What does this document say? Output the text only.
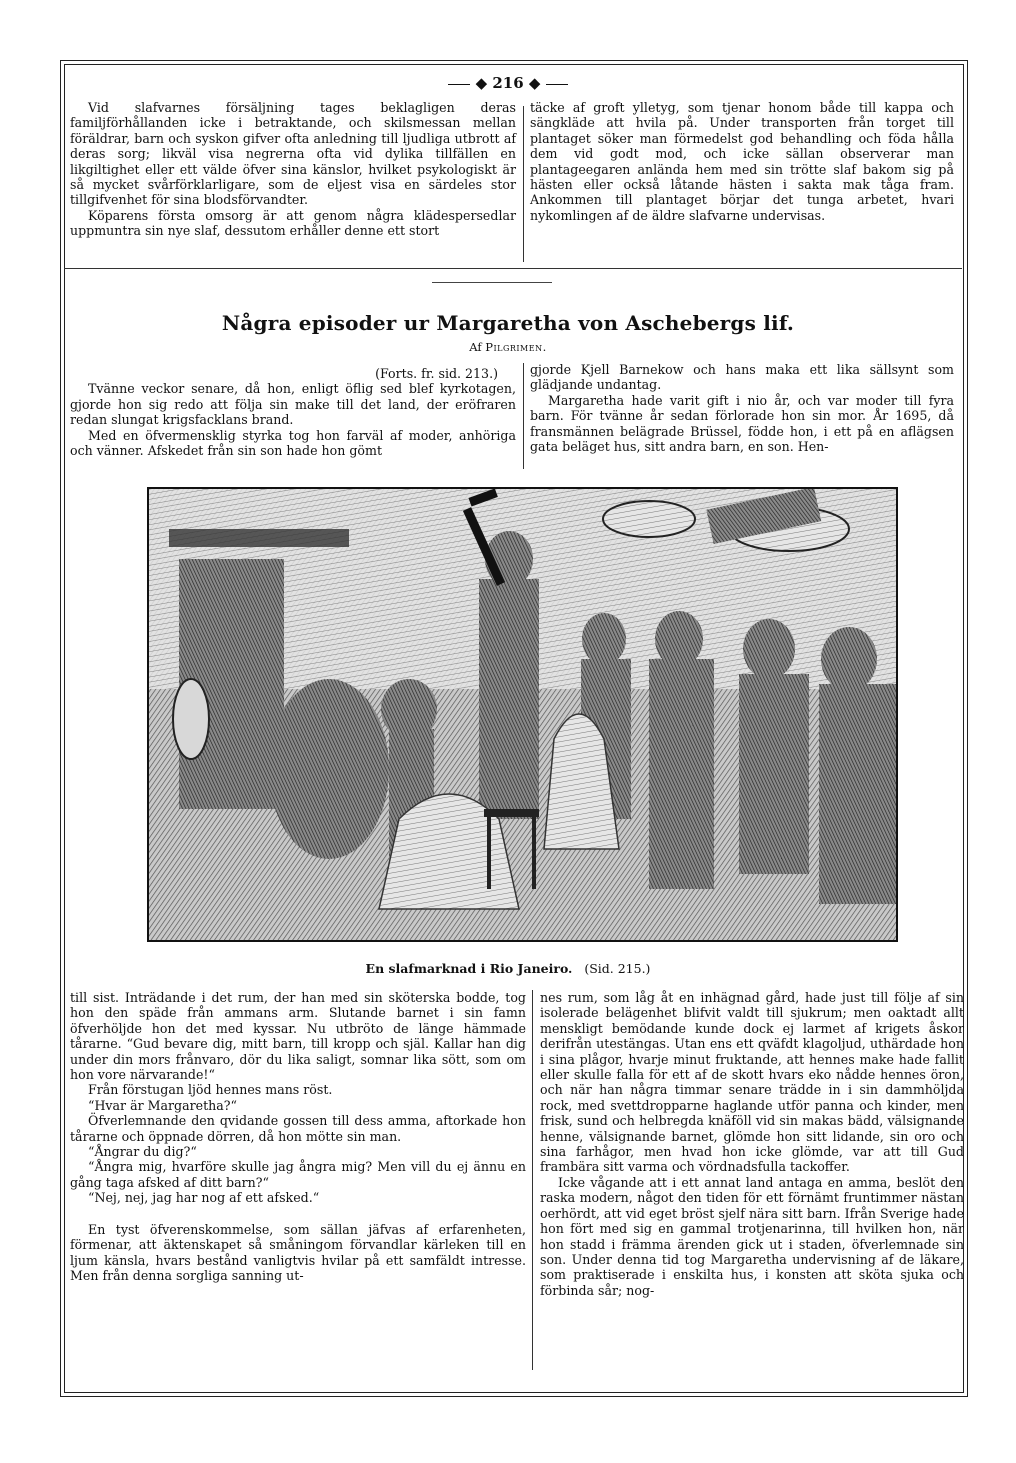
◆ 216 ◆

Vid slafvarnes försäljning tages beklagligen deras familjförhållanden icke i betraktande, och skilsmessan mellan föräldrar, barn och syskon gifver ofta anledning till ljudliga utbrott af deras sorg; likväl visa negrerna ofta vid dylika tillfällen en likgiltighet eller ett välde öfver sina känslor, hvilket psykologiskt är så mycket svårförklarligare, som de eljest visa en särdeles stor tillgifvenhet för sina blodsförvandter.

Köparens första omsorg är att genom några klädespersedlar uppmuntra sin nye slaf, dessutom erhåller denne ett stort

täcke af groft ylletyg, som tjenar honom både till kappa och sängkläde att hvila på. Under transporten från torget till plantaget söker man förmedelst god behandling och föda hålla dem vid godt mod, och icke sällan observerar man plantageegaren anlända hem med sin trötte slaf bakom sig på hästen eller också låtande hästen i sakta mak tåga fram. Ankommen till plantaget börjar det tunga arbetet, hvari nykomlingen af de äldre slafvarne undervisas.

Några episoder ur Margaretha von Aschebergs lif.
Af Pilgrimen.

(Forts. fr. sid. 213.)

Tvänne veckor senare, då hon, enligt öflig sed blef kyrkotagen, gjorde hon sig redo att följa sin make till det land, der eröfraren redan slungat krigsfacklans brand.

Med en öfvermensklig styrka tog hon farväl af moder, anhöriga och vänner. Afskedet från sin son hade hon gömt

gjorde Kjell Barnekow och hans maka ett lika sällsynt som glädjande undantag.

Margaretha hade varit gift i nio år, och var moder till fyra barn. För tvänne år sedan förlorade hon sin mor. År 1695, då fransmännen belägrade Brüssel, födde hon, i ett på en aflägsen gata beläget hus, sitt andra barn, en son. Hen-

En slafmarknad i Rio Janeiro. (Sid. 215.)

till sist. Inträdande i det rum, der han med sin sköterska bodde, tog hon den späde från ammans arm. Slutande barnet i sin famn öfverhöljde hon det med kyssar. Nu utbröto de länge hämmade tårarne. “Gud bevare dig, mitt barn, till kropp och själ. Kallar han dig under din mors frånvaro, dör du lika saligt, somnar lika sött, som om hon vore närvarande!“

Från förstugan ljöd hennes mans röst.

“Hvar är Margaretha?“

Öfverlemnande den qvidande gossen till dess amma, aftorkade hon tårarne och öppnade dörren, då hon mötte sin man.

“Ångrar du dig?“

“Ångra mig, hvarföre skulle jag ångra mig? Men vill du ej ännu en gång taga afsked af ditt barn?“

“Nej, nej, jag har nog af ett afsked.“

En tyst öfverenskommelse, som sällan jäfvas af erfarenheten, förmenar, att äktenskapet så småningom förvandlar kärleken till en ljum känsla, hvars bestånd vanligtvis hvilar på ett samfäldt intresse. Men från denna sorgliga sanning ut-

nes rum, som låg åt en inhägnad gård, hade just till följe af sin isolerade belägenhet blifvit valdt till sjukrum; men oaktadt allt menskligt bemödande kunde dock ej larmet af krigets åskor derifrån utestängas. Utan ens ett qväfdt klagoljud, uthärdade hon i sina plågor, hvarje minut fruktande, att hennes make hade fallit eller skulle falla för ett af de skott hvars eko nådde hennes öron, och när han några timmar senare trädde in i sin dammhöljda rock, med svettdropparne haglande utför panna och kinder, men frisk, sund och helbregda knäföll vid sin makas bädd, välsignande henne, välsignande barnet, glömde hon sitt lidande, sin oro och sina farhågor, men hvad hon icke glömde, var att till Gud frambära sitt varma och vördnadsfulla tackoffer.

Icke vågande att i ett annat land antaga en amma, beslöt den raska modern, något den tiden för ett förnämt fruntimmer nästan oerhördt, att vid eget bröst sjelf nära sitt barn. Ifrån Sverige hade hon fört med sig en gammal trotjenarinna, till hvilken hon, när hon stadd i främma ärenden gick ut i staden, öfverlemnade sin son. Under denna tid tog Margaretha undervisning af de läkare, som praktiserade i enskilta hus, i konsten att sköta sjuka och förbinda sår; nog-
